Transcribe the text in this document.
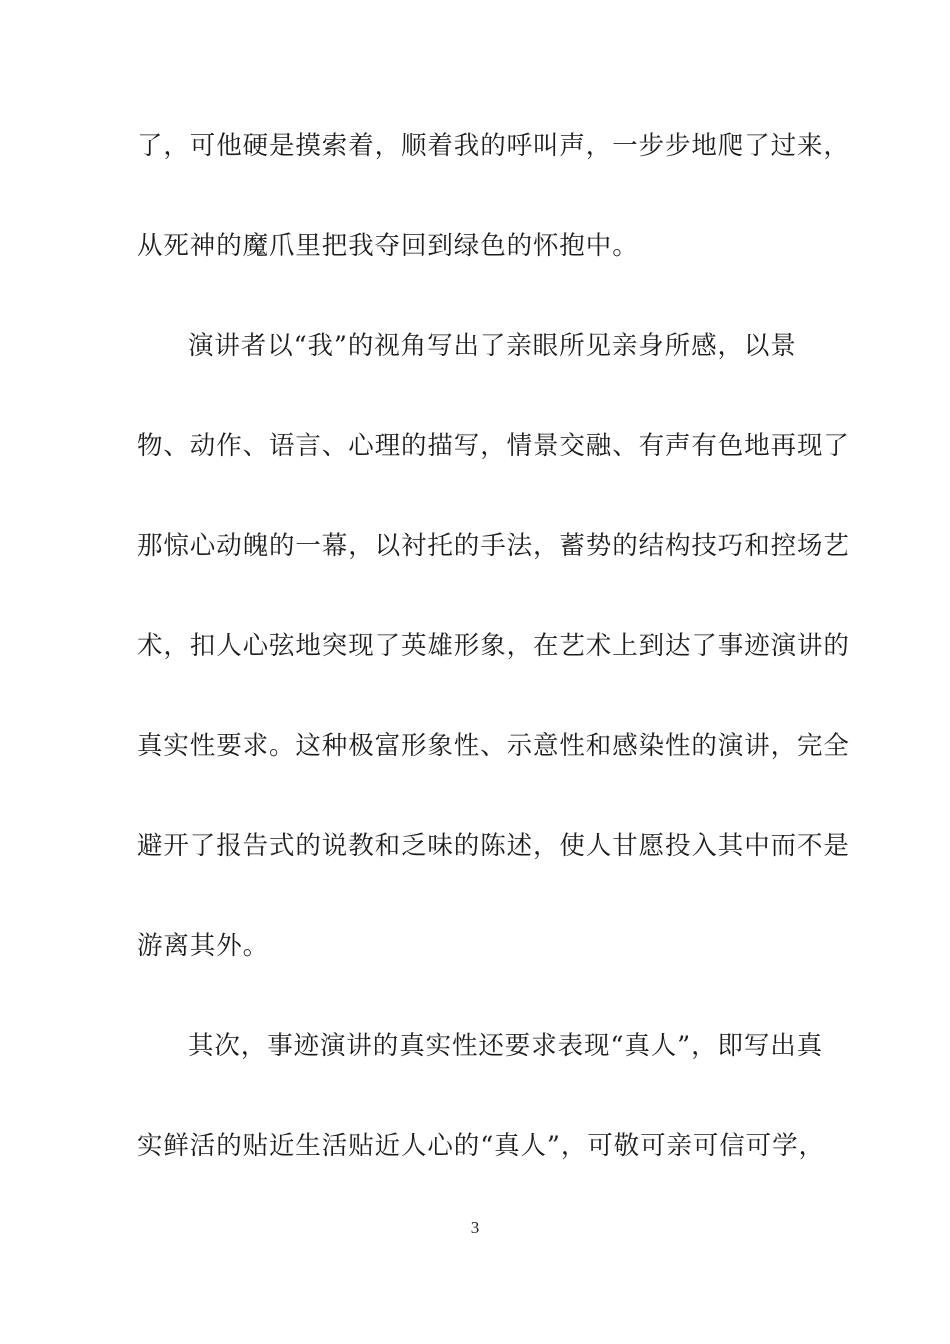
了，可他硬是摸索着，顺着我的呼叫声，一步步地爬了过来，
从死神的魔爪里把我夺回到绿色的怀抱中。
演讲者以“我”的视角写出了亲眼所见亲身所感，以景
物、动作、语言、心理的描写，情景交融、有声有色地再现了
那惊心动魄的一幕，以衬托的手法，蓄势的结构技巧和控场艺
术，扣人心弦地突现了英雄形象，在艺术上到达了事迹演讲的
真实性要求。这种极富形象性、示意性和感染性的演讲，完全
避开了报告式的说教和乏味的陈述，使人甘愿投入其中而不是
游离其外。
其次，事迹演讲的真实性还要求表现“真人”，即写出真
实鲜活的贴近生活贴近人心的“真人”，可敬可亲可信可学，
3
